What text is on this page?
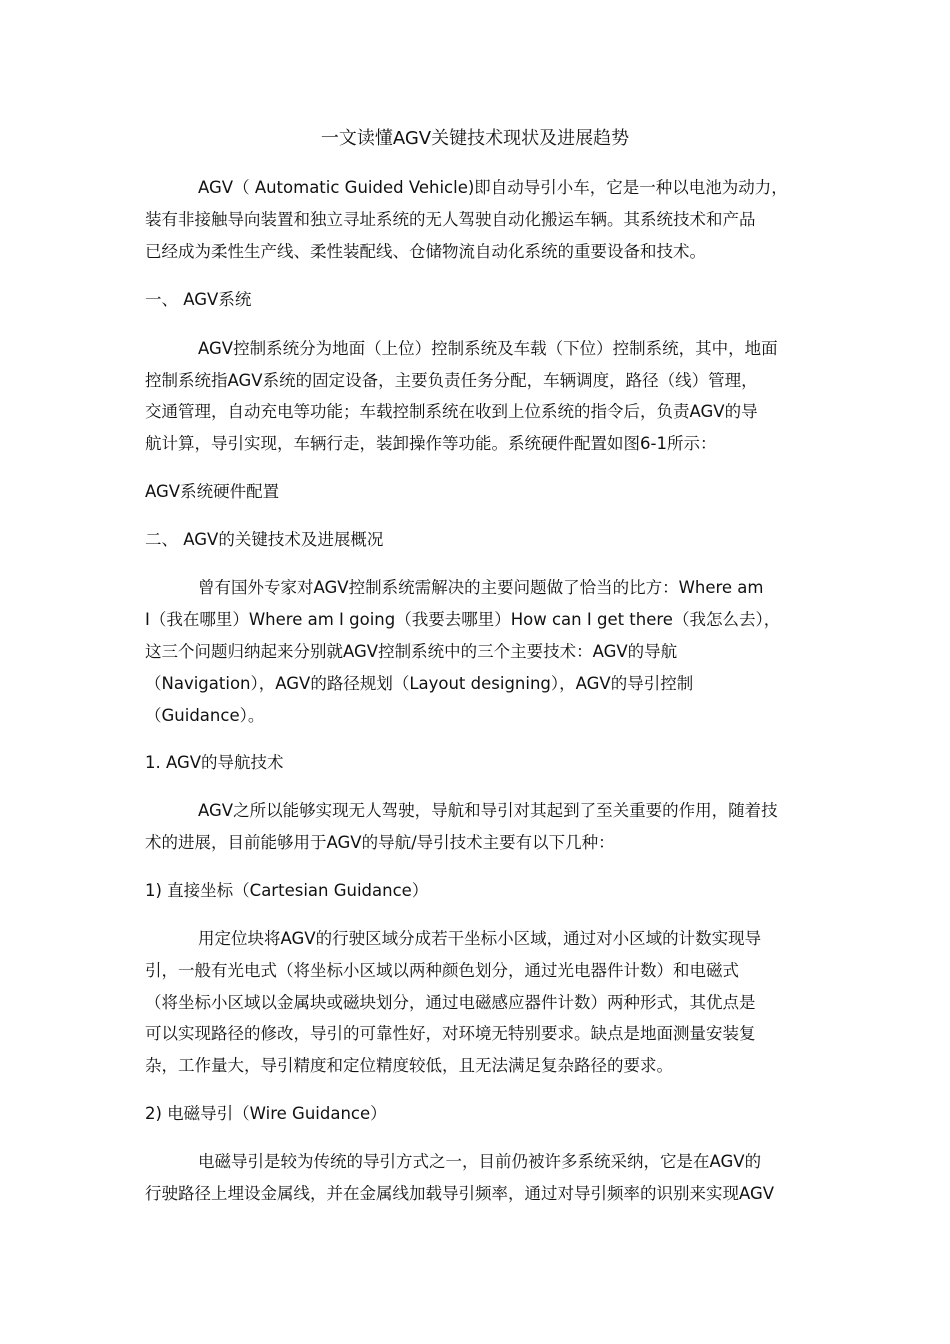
一文读懂AGV关键技术现状及进展趋势
AGV（ Automatic Guided Vehicle)即自动导引小车，它是一种以电池为动力，
装有非接触导向装置和独立寻址系统的无人驾驶自动化搬运车辆。其系统技术和产品
已经成为柔性生产线、柔性装配线、仓储物流自动化系统的重要设备和技术。
一、 AGV系统
AGV控制系统分为地面（上位）控制系统及车载（下位）控制系统，其中，地面
控制系统指AGV系统的固定设备，主要负责任务分配，车辆调度，路径（线）管理，
交通管理，自动充电等功能；车载控制系统在收到上位系统的指令后，负责AGV的导
航计算，导引实现，车辆行走，装卸操作等功能。系统硬件配置如图6-1所示：
AGV系统硬件配置
二、 AGV的关键技术及进展概况
曾有国外专家对AGV控制系统需解决的主要问题做了恰当的比方：Where am
I（我在哪里）Where am I going（我要去哪里）How can I get there（我怎么去），
这三个问题归纳起来分别就AGV控制系统中的三个主要技术：AGV的导航
（Navigation），AGV的路径规划（Layout designing），AGV的导引控制
（Guidance）。
1. AGV的导航技术
AGV之所以能够实现无人驾驶，导航和导引对其起到了至关重要的作用，随着技
术的进展，目前能够用于AGV的导航/导引技术主要有以下几种：
1) 直接坐标（Cartesian Guidance）
用定位块将AGV的行驶区域分成若干坐标小区域，通过对小区域的计数实现导
引，一般有光电式（将坐标小区域以两种颜色划分，通过光电器件计数）和电磁式
（将坐标小区域以金属块或磁块划分，通过电磁感应器件计数）两种形式，其优点是
可以实现路径的修改，导引的可靠性好，对环境无特别要求。缺点是地面测量安装复
杂，工作量大，导引精度和定位精度较低，且无法满足复杂路径的要求。
2) 电磁导引（Wire Guidance）
电磁导引是较为传统的导引方式之一，目前仍被许多系统采纳，它是在AGV的
行驶路径上埋设金属线，并在金属线加载导引频率，通过对导引频率的识别来实现AGV
